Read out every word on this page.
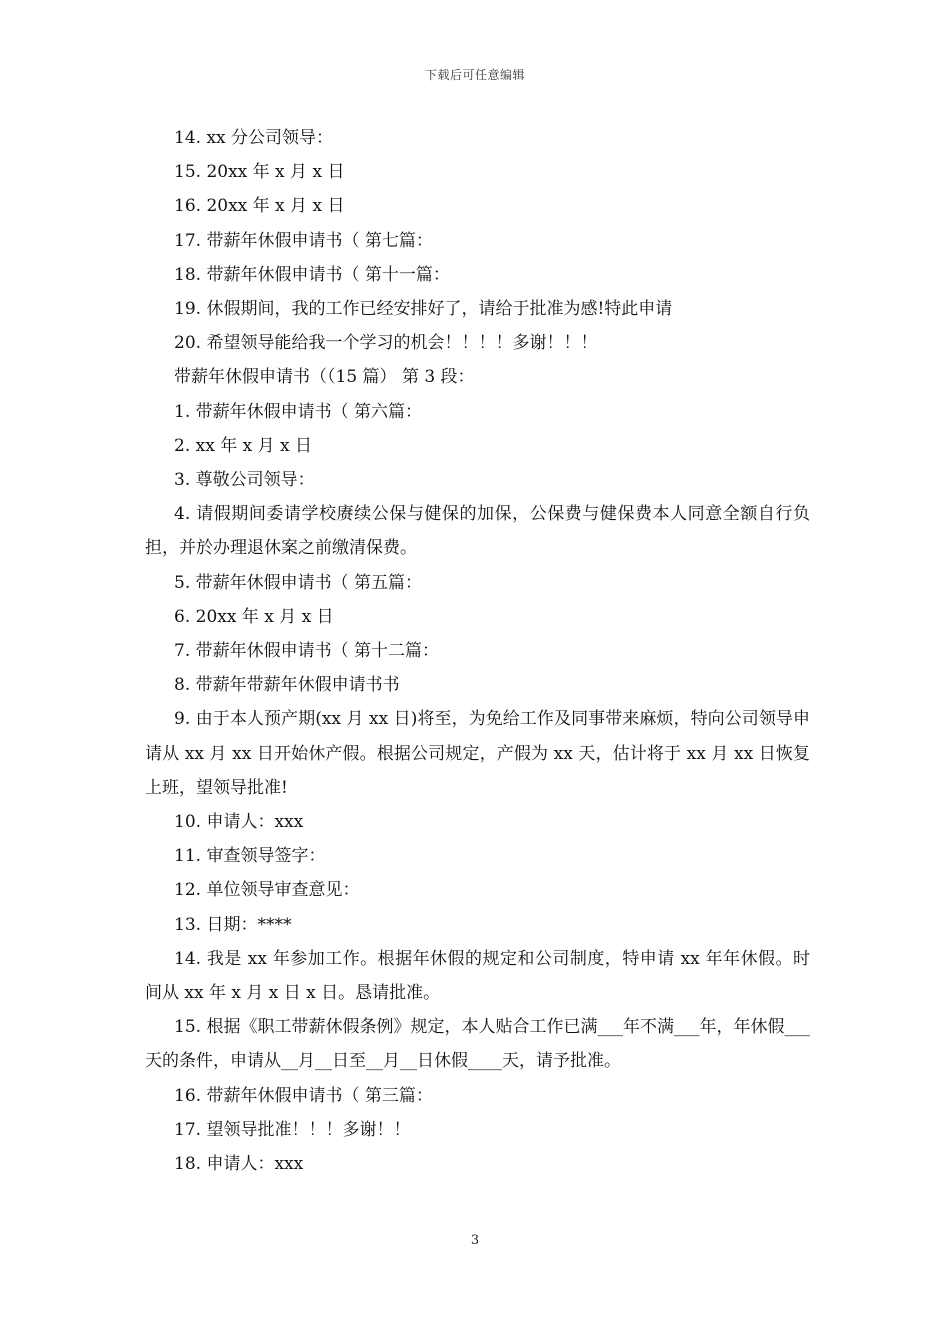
下载后可任意编辑

14. xx 分公司领导：

15. 20xx 年 x 月 x 日

16. 20xx 年 x 月 x 日

17. 带薪年休假申请书（ 第七篇：

18. 带薪年休假申请书（ 第十一篇：

19. 休假期间，我的工作已经安排好了，请给于批准为感!特此申请

20. 希望领导能给我一个学习的机会！！！！多谢！！！

带薪年休假申请书（（15 篇） 第 3 段：

1. 带薪年休假申请书（ 第六篇：

2. xx 年 x 月 x 日

3. 尊敬公司领导：

4. 请假期间委请学校赓续公保与健保的加保，公保费与健保费本人同意全额自行负担，并於办理退休案之前缴清保费。

5. 带薪年休假申请书（ 第五篇：

6. 20xx 年 x 月 x 日

7. 带薪年休假申请书（ 第十二篇：

8. 带薪年带薪年休假申请书书

9. 由于本人预产期(xx 月 xx 日)将至，为免给工作及同事带来麻烦，特向公司领导申请从 xx 月 xx 日开始休产假。根据公司规定，产假为 xx 天，估计将于 xx 月 xx 日恢复上班，望领导批准!

10. 申请人：xxx

11. 审查领导签字：

12. 单位领导审查意见：

13. 日期：****

14. 我是 xx 年参加工作。根据年休假的规定和公司制度，特申请 xx 年年休假。时间从 xx 年 x 月 x 日 x 日。恳请批准。

15. 根据《职工带薪休假条例》规定，本人贴合工作已满___年不满___年，年休假___天的条件，申请从__月__日至__月__日休假____天，请予批准。

16. 带薪年休假申请书（ 第三篇：

17. 望领导批准！！！多谢！！

18. 申请人：xxx

3
